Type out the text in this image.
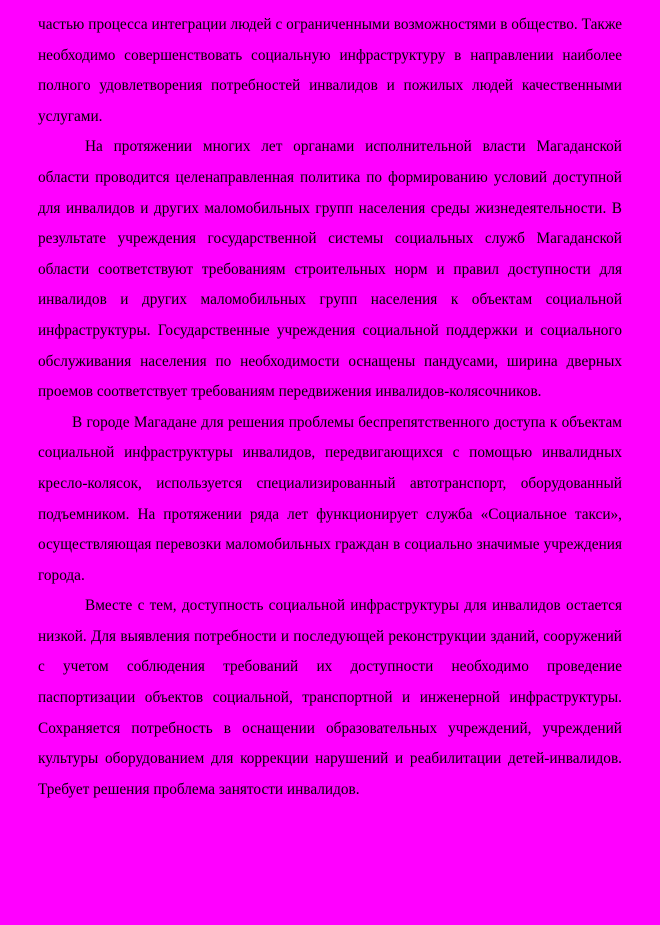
частью процесса интеграции людей с ограниченными возможностями в общество. Также необходимо совершенствовать социальную инфраструктуру в направлении наиболее полного удовлетворения потребностей инвалидов и пожилых людей качественными услугами.

На протяжении многих лет органами исполнительной власти Магаданской области проводится целенаправленная политика по формированию условий доступной для инвалидов и других маломобильных групп населения среды жизнедеятельности. В результате учреждения государственной системы социальных служб Магаданской области соответствуют требованиям строительных норм и правил доступности для инвалидов и других маломобильных групп населения к объектам социальной инфраструктуры. Государственные учреждения социальной поддержки и социального обслуживания населения по необходимости оснащены пандусами, ширина дверных проемов соответствует требованиям передвижения инвалидов-колясочников.

В городе Магадане для решения проблемы беспрепятственного доступа к объектам социальной инфраструктуры инвалидов, передвигающихся с помощью инвалидных кресло-колясок, используется специализированный автотранспорт, оборудованный подъемником. На протяжении ряда лет функционирует служба «Социальное такси», осуществляющая перевозки маломобильных граждан в социально значимые учреждения города.

Вместе с тем, доступность социальной инфраструктуры для инвалидов остается низкой. Для выявления потребности и последующей реконструкции зданий, сооружений с учетом соблюдения требований их доступности необходимо проведение паспортизации объектов социальной, транспортной и инженерной инфраструктуры. Сохраняется потребность в оснащении образовательных учреждений, учреждений культуры оборудованием для коррекции нарушений и реабилитации детей-инвалидов. Требует решения проблема занятости инвалидов.
